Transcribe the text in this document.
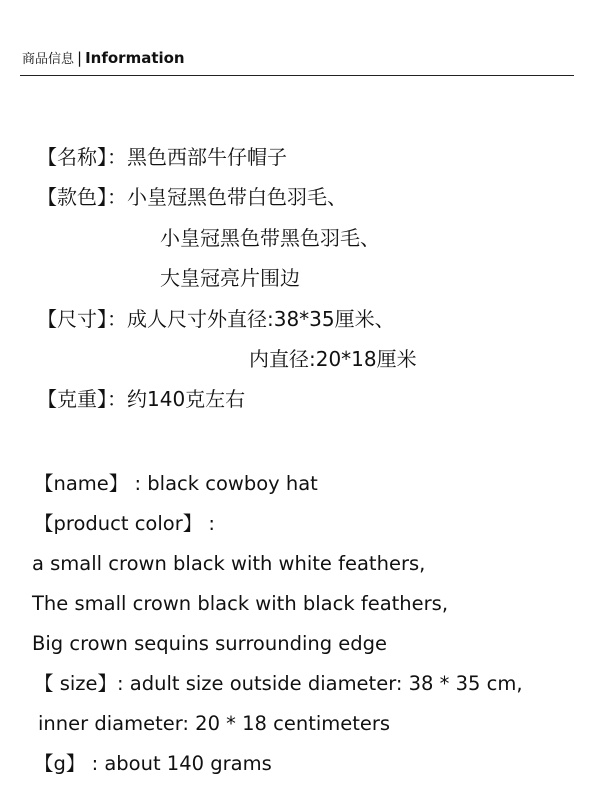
商品信息 | Information
【名称】：黑色西部牛仔帽子
【款色】：小皇冠黑色带白色羽毛、
小皇冠黑色带黑色羽毛、
大皇冠亮片围边
【尺寸】：成人尺寸外直径:38*35厘米、
内直径:20*18厘米
【克重】：约140克左右
【name】 : black cowboy hat
【product color】 :
a small crown black with white feathers,
The small crown black with black feathers,
Big crown sequins surrounding edge
【 size】: adult size outside diameter: 38 * 35 cm,
inner diameter: 20 * 18 centimeters
【g】 : about 140 grams
